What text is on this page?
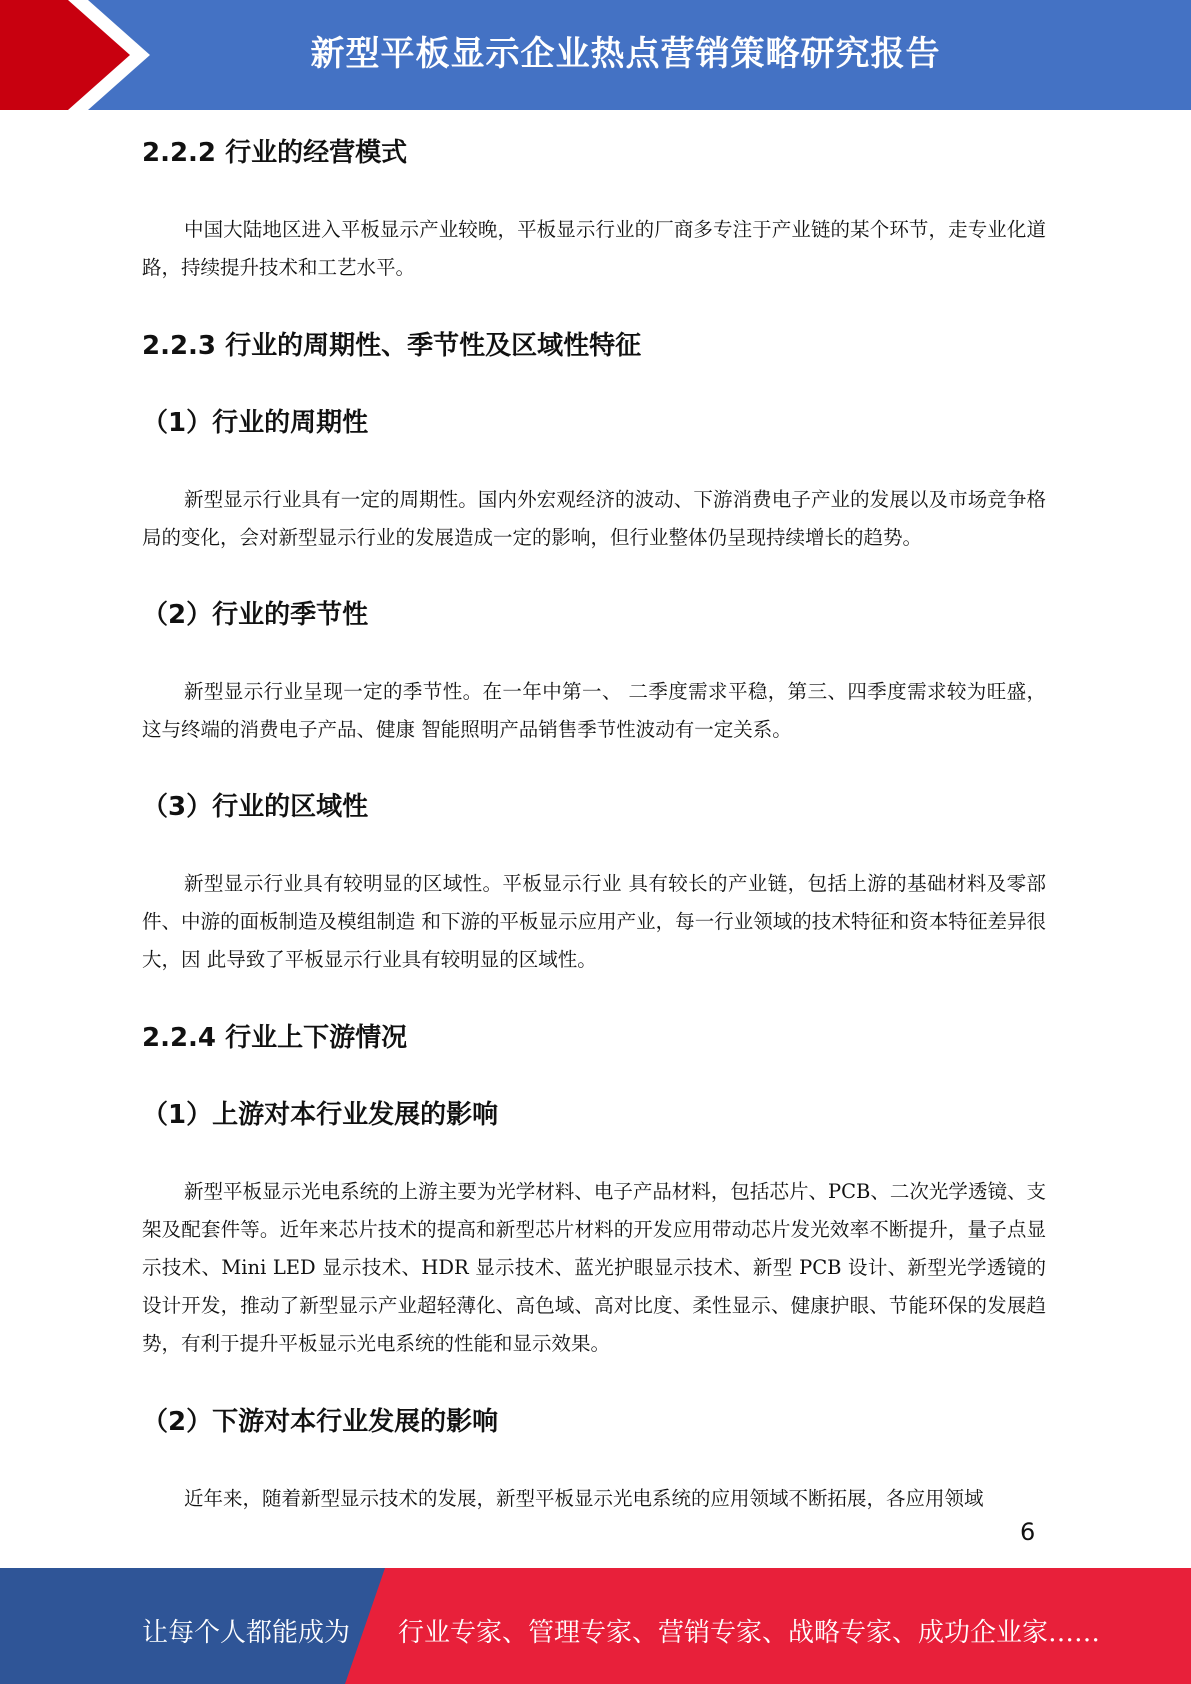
新型平板显示企业热点营销策略研究报告
2.2.2 行业的经营模式
中国大陆地区进入平板显示产业较晚，平板显示行业的厂商多专注于产业链的某个环节，走专业化道路，持续提升技术和工艺水平。
2.2.3 行业的周期性、季节性及区域性特征
（1）行业的周期性
新型显示行业具有一定的周期性。国内外宏观经济的波动、下游消费电子产业的发展以及市场竞争格局的变化，会对新型显示行业的发展造成一定的影响，但行业整体仍呈现持续增长的趋势。
（2）行业的季节性
新型显示行业呈现一定的季节性。在一年中第一、 二季度需求平稳，第三、四季度需求较为旺盛，这与终端的消费电子产品、健康 智能照明产品销售季节性波动有一定关系。
（3）行业的区域性
新型显示行业具有较明显的区域性。平板显示行业 具有较长的产业链，包括上游的基础材料及零部件、中游的面板制造及模组制造 和下游的平板显示应用产业，每一行业领域的技术特征和资本特征差异很大，因 此导致了平板显示行业具有较明显的区域性。
2.2.4 行业上下游情况
（1）上游对本行业发展的影响
新型平板显示光电系统的上游主要为光学材料、电子产品材料，包括芯片、PCB、二次光学透镜、支架及配套件等。近年来芯片技术的提高和新型芯片材料的开发应用带动芯片发光效率不断提升，量子点显示技术、Mini LED 显示技术、HDR 显示技术、蓝光护眼显示技术、新型 PCB 设计、新型光学透镜的设计开发，推动了新型显示产业超轻薄化、高色域、高对比度、柔性显示、健康护眼、节能环保的发展趋势，有利于提升平板显示光电系统的性能和显示效果。
（2）下游对本行业发展的影响
近年来，随着新型显示技术的发展，新型平板显示光电系统的应用领域不断拓展，各应用领域
6
让每个人都能成为 行业专家、管理专家、营销专家、战略专家、成功企业家……
